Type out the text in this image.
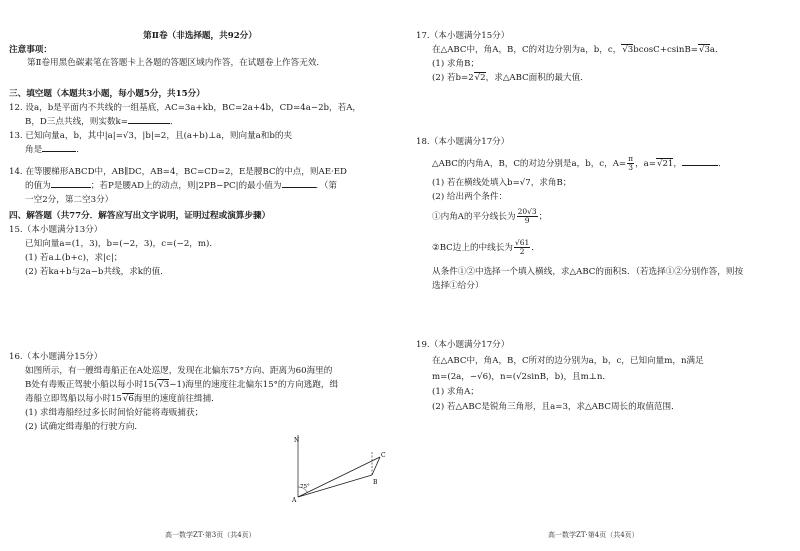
第Ⅱ卷（非选择题，共92分）
注意事项：
第Ⅱ卷用黑色碳素笔在答题卡上各题的答题区域内作答，在试题卷上作答无效.
三、填空题（本题共3小题，每小题5分，共15分）
12. 设a，b是平面内不共线的一组基底，AC=3a+kb，BC=2a+4b，CD=4a−2b，若A，
B，D三点共线，则实数k=	．
13. 已知向量a，b，其中|a|=√3，|b|=2，且(a+b)⊥a，则向量a和b的夹
角是	．
14. 在等腰梯形ABCD中，AB∥DC，AB=4，BC=CD=2，E是腰BC的中点，则AE·ED
的值为	；若P是腰AD上的动点，则|2PB−PC|的最小值为	．（第
一空2分，第二空3分）
四、解答题（共77分．解答应写出文字说明，证明过程或演算步骤）
15.（本小题满分13分）
已知向量a=(1，3)，b=(−2，3)，c=(−2，m)．
(1) 若a⊥(b+c)，求|c|；
(2) 若ka+b与2a−b共线，求k的值．
16.（本小题满分15分）
如图所示，有一艘缉毒船正在A处巡逻，发现在北偏东75°方向、距离为60海里的
B处有毒贩正驾驶小船以每小时15(√3−1)海里的速度往北偏东15°的方向逃跑，缉
毒船立即驾船以每小时15√6海里的速度前往缉捕．
(1) 求缉毒船经过多长时间恰好能将毒贩捕获；
(2) 试确定缉毒船的行驶方向．
N
75°
A
B
C
高一数学ZT·第3页（共4页）
17.（本小题满分15分）
在△ABC中，角A，B，C的对边分别为a，b，c，√3bcosC+csinB=√3a．
(1) 求角B；
(2) 若b=2√2，求△ABC面积的最大值．
18.（本小题满分17分）
△ABC的内角A，B，C的对边分别是a，b，c，$A= \frac{\pi}{3}$ ，a=√21，	．
(1) 若在横线处填入b=√7，求角B；
(2) 给出两个条件：
①内角A的平分线长为 $\frac{20√3}{9}$ ；
②BC边上的中线长为 $\frac{√61}{2}$ ．
从条件①②中选择一个填入横线，求△ABC的面积S．（若选择①②分别作答，则按
选择①给分）
19.（本小题满分17分）
在△ABC中，角A，B，C所对的边分别为a，b，c，已知向量m，n满足
m=(2a，−√6)，n=(√2sinB，b)，且m⊥n．
(1) 求角A；
(2) 若△ABC是锐角三角形，且a=3，求△ABC周长的取值范围．
高一数学ZT·第4页（共4页）
